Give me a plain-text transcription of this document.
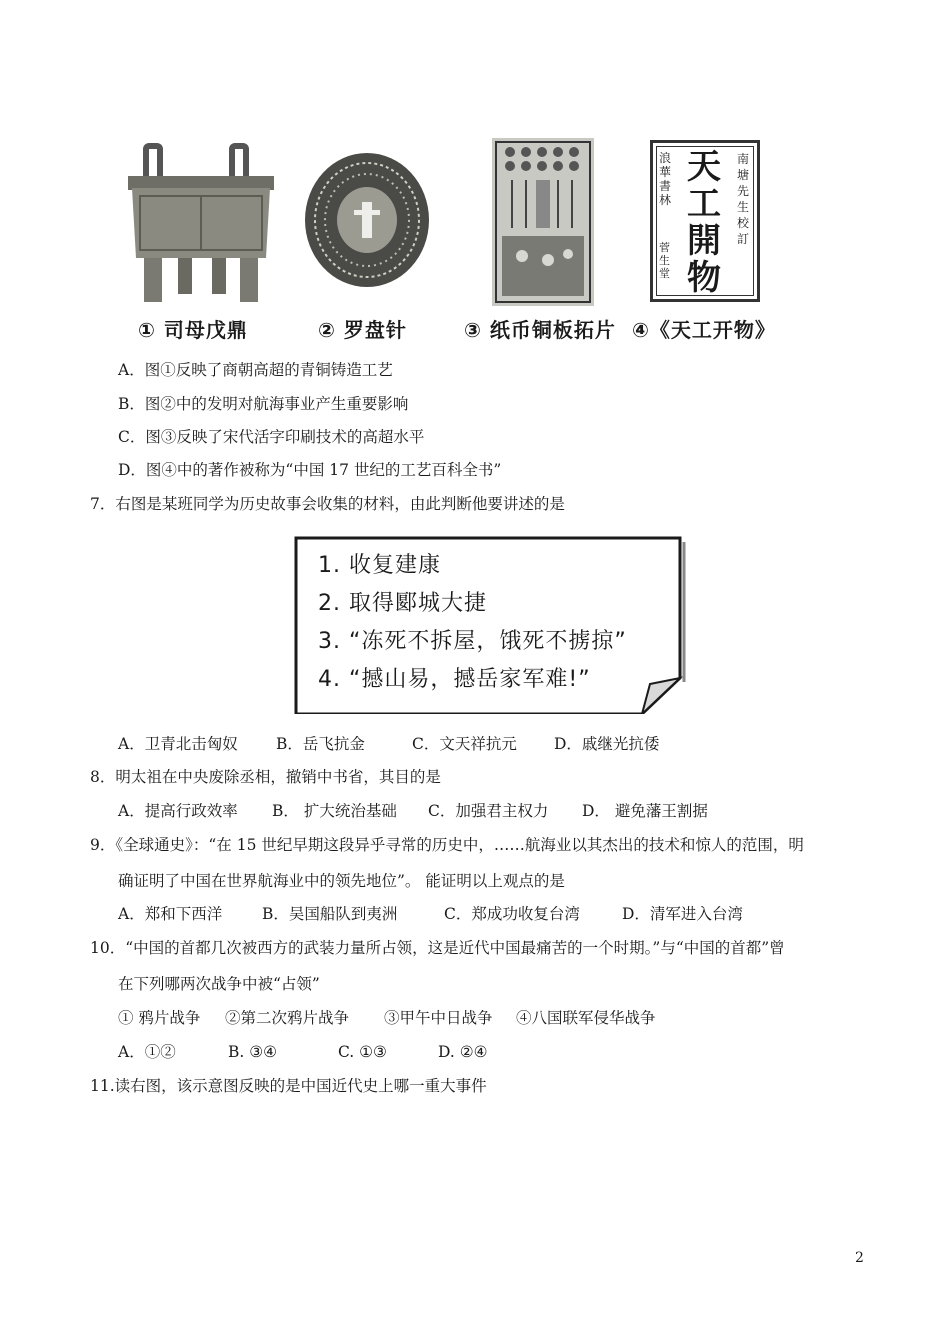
浪華書林
菅生堂
天
工
開
物
南塘先生校訂
① 司母戊鼎	② 罗盘针	③ 纸币铜板拓片 ④《天工开物》
A．图①反映了商朝高超的青铜铸造工艺
B．图②中的发明对航海事业产生重要影响
C．图③反映了宋代活字印刷技术的高超水平
D．图④中的著作被称为“中国 17 世纪的工艺百科全书”
7．右图是某班同学为历史故事会收集的材料，由此判断他要讲述的是
1. 收复建康
2. 取得郾城大捷
3. “冻死不拆屋，饿死不掳掠”
4. “撼山易，撼岳家军难!”
A．卫青北击匈奴 B．岳飞抗金	C．文天祥抗元 D．戚继光抗倭
8．明太祖在中央废除丞相，撤销中书省，其目的是
A．提高行政效率 B． 扩大统治基础 C．加强君主权力 D． 避免藩王割据
9．《全球通史》：“在 15 世纪早期这段异乎寻常的历史中，……航海业以其杰出的技术和惊人的范围，明
确证明了中国在世界航海业中的领先地位”。 能证明以上观点的是
A．郑和下西洋	B．吴国船队到夷洲	C．郑成功收复台湾	D．清军进入台湾
10．“中国的首都几次被西方的武装力量所占领，这是近代中国最痛苦的一个时期。”与“中国的首都”曾
在下列哪两次战争中被“占领”
① 鸦片战争 ②第二次鸦片战争 ③甲午中日战争 ④八国联军侵华战争
A．①②	B. ③④	C. ①③	D. ②④
11.读右图，该示意图反映的是中国近代史上哪一重大事件
2
